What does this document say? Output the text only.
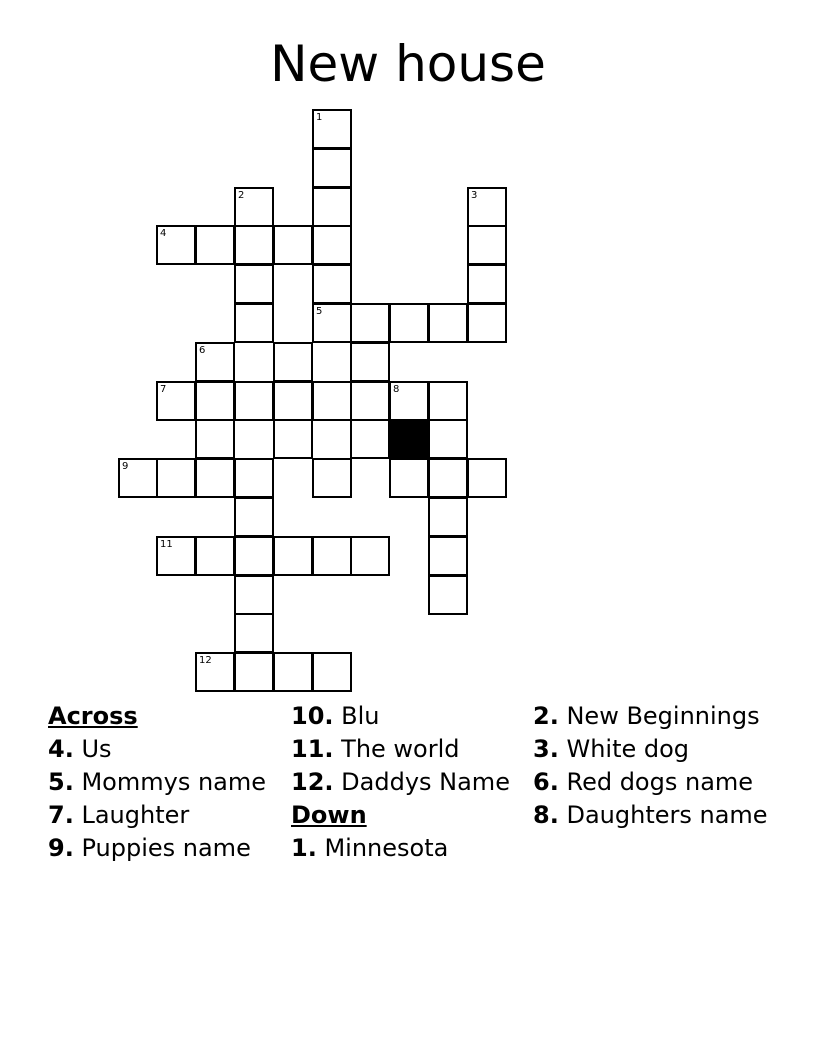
New house
1
2	3
4
5
6
7	8
9
11
12
Across
4. Us
5. Mommys name
7. Laughter
9. Puppies name
10. Blu
11. The world
12. Daddys Name
Down
1. Minnesota
2. New Beginnings
3. White dog
6. Red dogs name
8. Daughters name
